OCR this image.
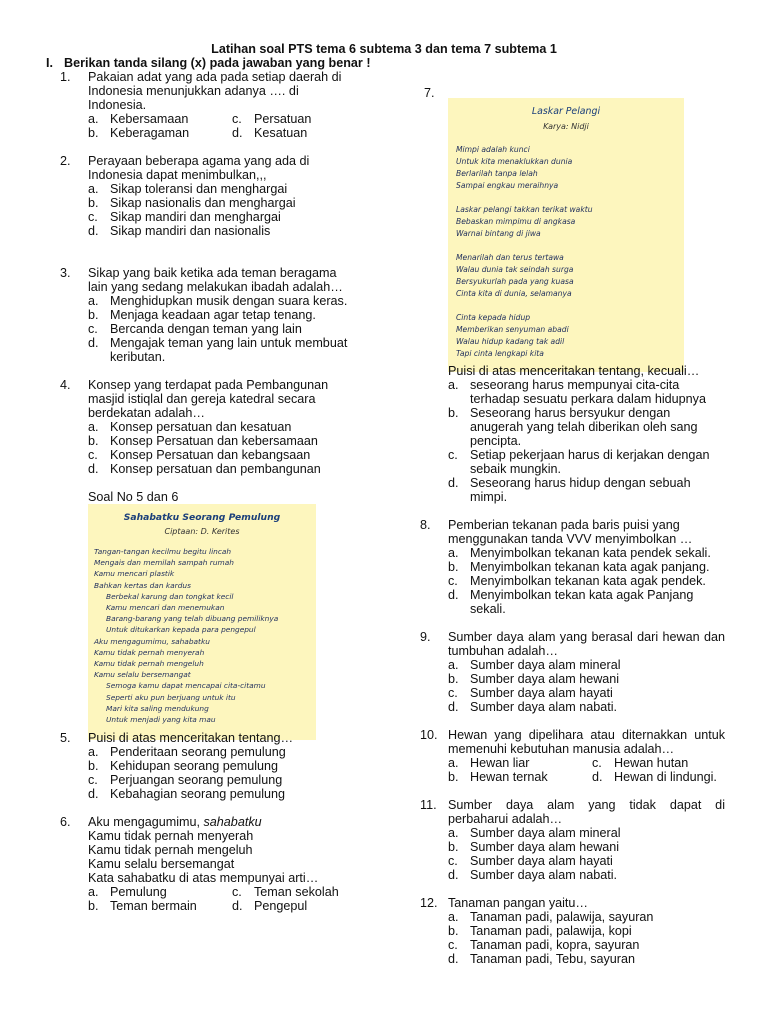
Latihan soal PTS tema 6 subtema 3 dan tema 7 subtema 1
I. Berikan tanda silang (x) pada jawaban yang benar !
1.	Pakaian adat yang ada pada setiap daerah di
Indonesia menunjukkan adanya …. di
Indonesia.
a. Kebersamaan	c. Persatuan
b. Keberagaman	d. Kesatuan
2.	Perayaan beberapa agama yang ada di
Indonesia dapat menimbulkan,,,
a. Sikap toleransi dan menghargai
b. Sikap nasionalis dan menghargai
c. Sikap mandiri dan menghargai
d. Sikap mandiri dan nasionalis
3.	Sikap yang baik ketika ada teman beragama
lain yang sedang melakukan ibadah adalah…
a. Menghidupkan musik dengan suara keras.
b. Menjaga keadaan agar tetap tenang.
c. Bercanda dengan teman yang lain
d. Mengajak teman yang lain untuk membuat keributan.
4.	Konsep yang terdapat pada Pembangunan
masjid istiqlal dan gereja katedral secara
berdekatan adalah…
a. Konsep persatuan dan kesatuan
b. Konsep Persatuan dan kebersamaan
c. Konsep Persatuan dan kebangsaan
d. Konsep persatuan dan pembangunan
Soal No 5 dan 6
Sahabatku Seorang Pemulung
Ciptaan: D. Kerites
Tangan-tangan kecilmu begitu lincah
Mengais dan memilah sampah rumah
Kamu mencari plastik
Bahkan kertas dan kardus
Berbekal karung dan tongkat kecil
Kamu mencari dan menemukan
Barang-barang yang telah dibuang pemiliknya
Untuk ditukarkan kepada para pengepul
Aku mengagumimu, sahabatku
Kamu tidak pernah menyerah
Kamu tidak pernah mengeluh
Kamu selalu bersemangat
Semoga kamu dapat mencapai cita-citamu
Seperti aku pun berjuang untuk itu
Mari kita saling mendukung
Untuk menjadi yang kita mau
5.	Puisi di atas menceritakan tentang…
a. Penderitaan seorang pemulung
b. Kehidupan seorang pemulung
c. Perjuangan seorang pemulung
d. Kebahagian seorang pemulung
6.	Aku mengagumimu, sahabatku
Kamu tidak pernah menyerah
Kamu tidak pernah mengeluh
Kamu selalu bersemangat
Kata sahabatku di atas mempunyai arti…
a. Pemulung	c. Teman sekolah
b. Teman bermain	d. Pengepul
7.
Laskar Pelangi
Karya: Nidji
Mimpi adalah kunci
Untuk kita menaklukkan dunia
Berlarilah tanpa lelah
Sampai engkau meraihnya
Laskar pelangi takkan terikat waktu
Bebaskan mimpimu di angkasa
Warnai bintang di jiwa
Menarilah dan terus tertawa
Walau dunia tak seindah surga
Bersyukurlah pada yang kuasa
Cinta kita di dunia, selamanya
Cinta kepada hidup
Memberikan senyuman abadi
Walau hidup kadang tak adil
Tapi cinta lengkapi kita
Puisi di atas menceritakan tentang, kecuali…
a. seseorang harus mempunyai cita-cita terhadap sesuatu perkara dalam hidupnya
b. Seseorang harus bersyukur dengan anugerah yang telah diberikan oleh sang pencipta.
c. Setiap pekerjaan harus di kerjakan dengan sebaik mungkin.
d. Seseorang harus hidup dengan sebuah mimpi.
8.	Pemberian tekanan pada baris puisi yang
menggunakan tanda VVV menyimbolkan …
a. Menyimbolkan tekanan kata pendek sekali.
b. Menyimbolkan tekanan kata agak panjang.
c. Menyimbolkan tekanan kata agak pendek.
d. Menyimbolkan tekan kata agak Panjang sekali.
9.	Sumber daya alam yang berasal dari hewan dan tumbuhan adalah…
a. Sumber daya alam mineral
b. Sumber daya alam hewani
c. Sumber daya alam hayati
d. Sumber daya alam nabati.
10. Hewan yang dipelihara atau diternakkan untuk memenuhi kebutuhan manusia adalah…
a. Hewan liar	c. Hewan hutan
b. Hewan ternak	d. Hewan di lindungi.
11. Sumber daya alam yang tidak dapat di perbaharui adalah…
a. Sumber daya alam mineral
b. Sumber daya alam hewani
c. Sumber daya alam hayati
d. Sumber daya alam nabati.
12. Tanaman pangan yaitu…
a. Tanaman padi, palawija, sayuran
b. Tanaman padi, palawija, kopi
c. Tanaman padi, kopra, sayuran
d. Tanaman padi, Tebu, sayuran
